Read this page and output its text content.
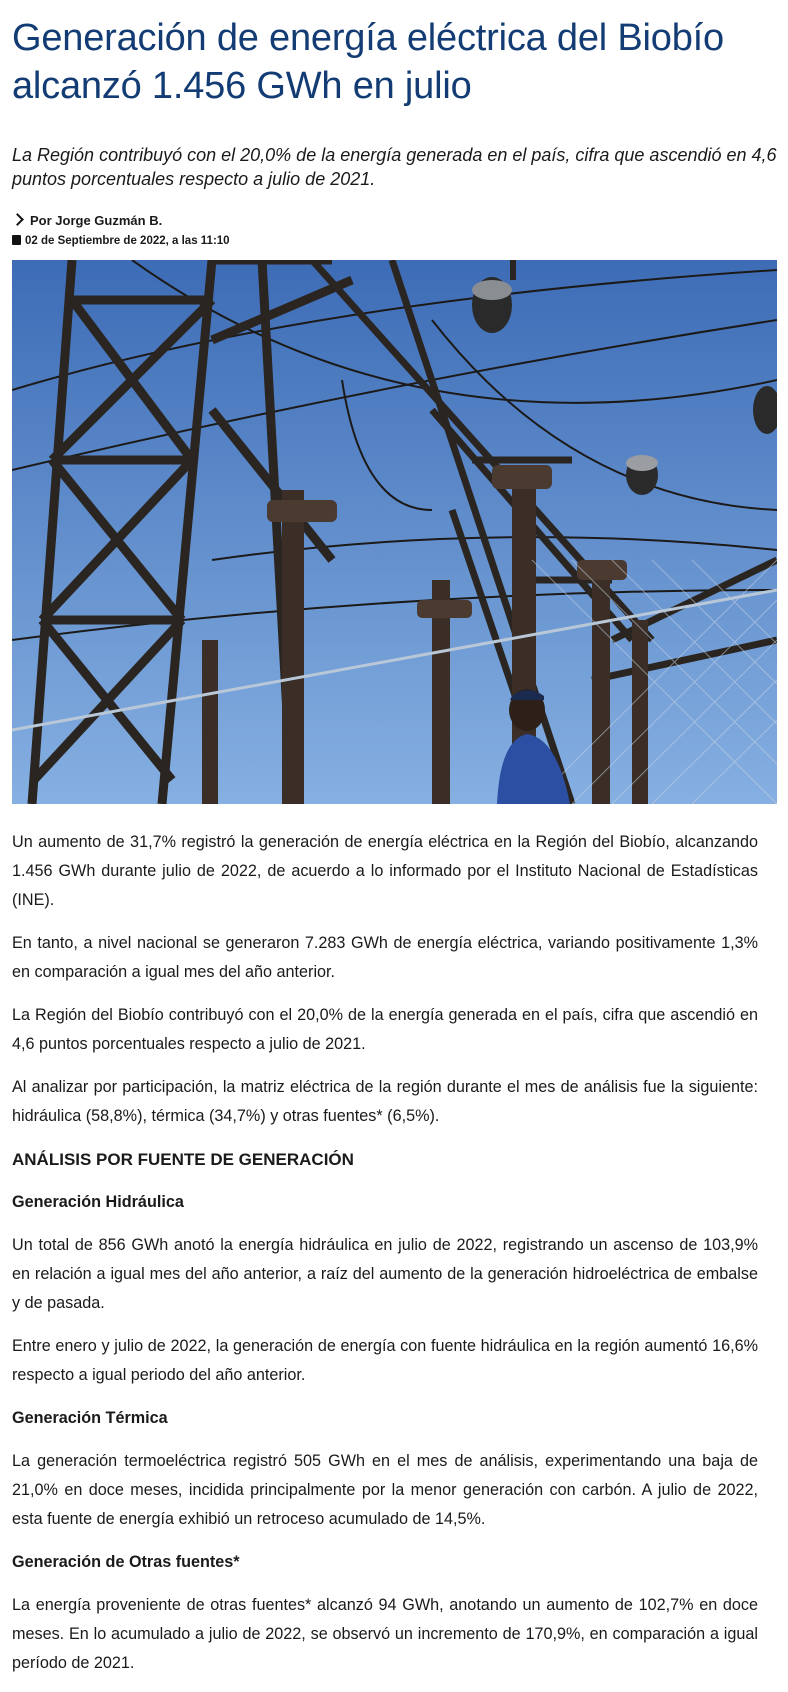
Generación de energía eléctrica del Biobío alcanzó 1.456 GWh en julio

La Región contribuyó con el 20,0% de la energía generada en el país, cifra que ascendió en 4,6 puntos porcentuales respecto a julio de 2021.

Por Jorge Guzmán B.
02 de Septiembre de 2022, a las 11:10

Un aumento de 31,7% registró la generación de energía eléctrica en la Región del Biobío, alcanzando 1.456 GWh durante julio de 2022, de acuerdo a lo informado por el Instituto Nacional de Estadísticas (INE).

En tanto, a nivel nacional se generaron 7.283 GWh de energía eléctrica, variando positivamente 1,3% en comparación a igual mes del año anterior.

La Región del Biobío contribuyó con el 20,0% de la energía generada en el país, cifra que ascendió en 4,6 puntos porcentuales respecto a julio de 2021.

Al analizar por participación, la matriz eléctrica de la región durante el mes de análisis fue la siguiente: hidráulica (58,8%), térmica (34,7%) y otras fuentes* (6,5%).

ANÁLISIS POR FUENTE DE GENERACIÓN
Generación Hidráulica

Un total de 856 GWh anotó la energía hidráulica en julio de 2022, registrando un ascenso de 103,9% en relación a igual mes del año anterior, a raíz del aumento de la generación hidroeléctrica de embalse y de pasada.

Entre enero y julio de 2022, la generación de energía con fuente hidráulica en la región aumentó 16,6% respecto a igual periodo del año anterior.

Generación Térmica

La generación termoeléctrica registró 505 GWh en el mes de análisis, experimentando una baja de 21,0% en doce meses, incidida principalmente por la menor generación con carbón. A julio de 2022, esta fuente de energía exhibió un retroceso acumulado de 14,5%.

Generación de Otras fuentes*

La energía proveniente de otras fuentes* alcanzó 94 GWh, anotando un aumento de 102,7% en doce meses. En lo acumulado a julio de 2022, se observó un incremento de 170,9%, en comparación a igual período de 2021.
